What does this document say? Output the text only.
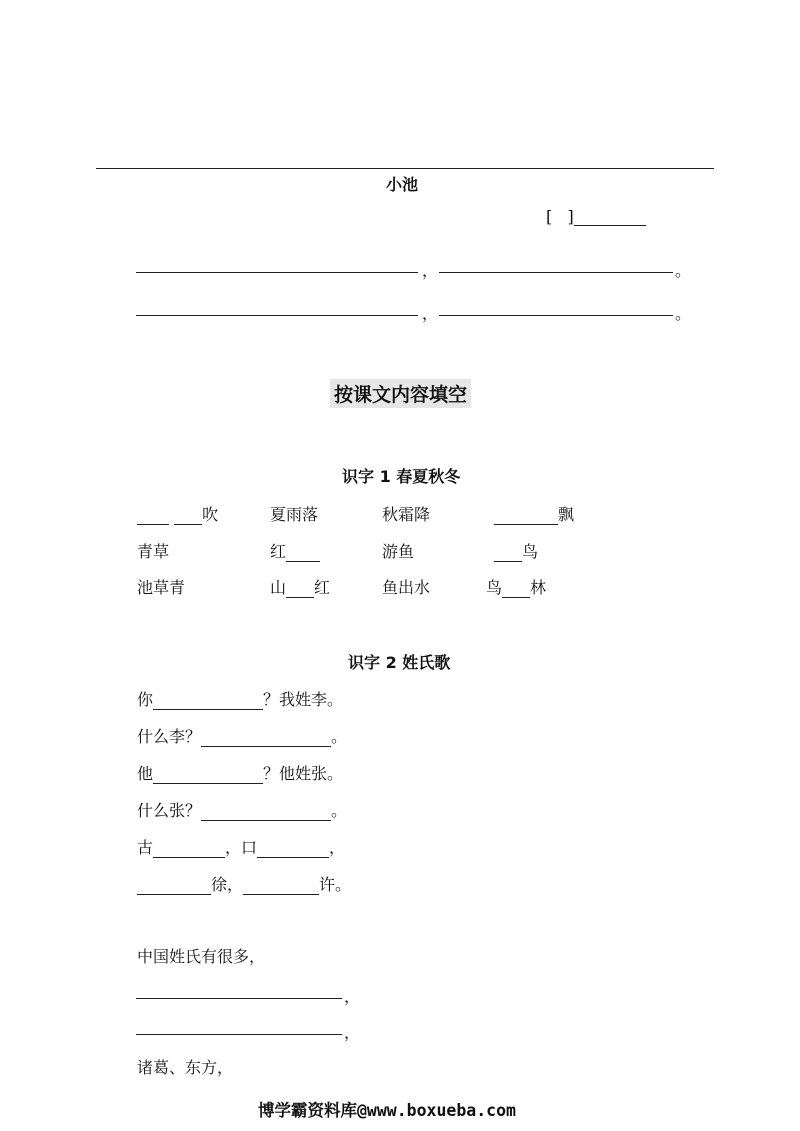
小池
[   ]
，	。
，	。
按课文内容填空
识字 1 春夏秋冬
吹	夏雨落	秋霜降	飘
青草	红	游鱼	鸟
池草青	山 红	鱼出水	鸟 林
识字 2 姓氏歌
你	？我姓李。
什么李？	。
他	？他姓张。
什么张？	。
古	，口	，
徐，	许。
中国姓氏有很多，
，
，
诸葛、东方，
博学霸资料库@www.boxueba.com
